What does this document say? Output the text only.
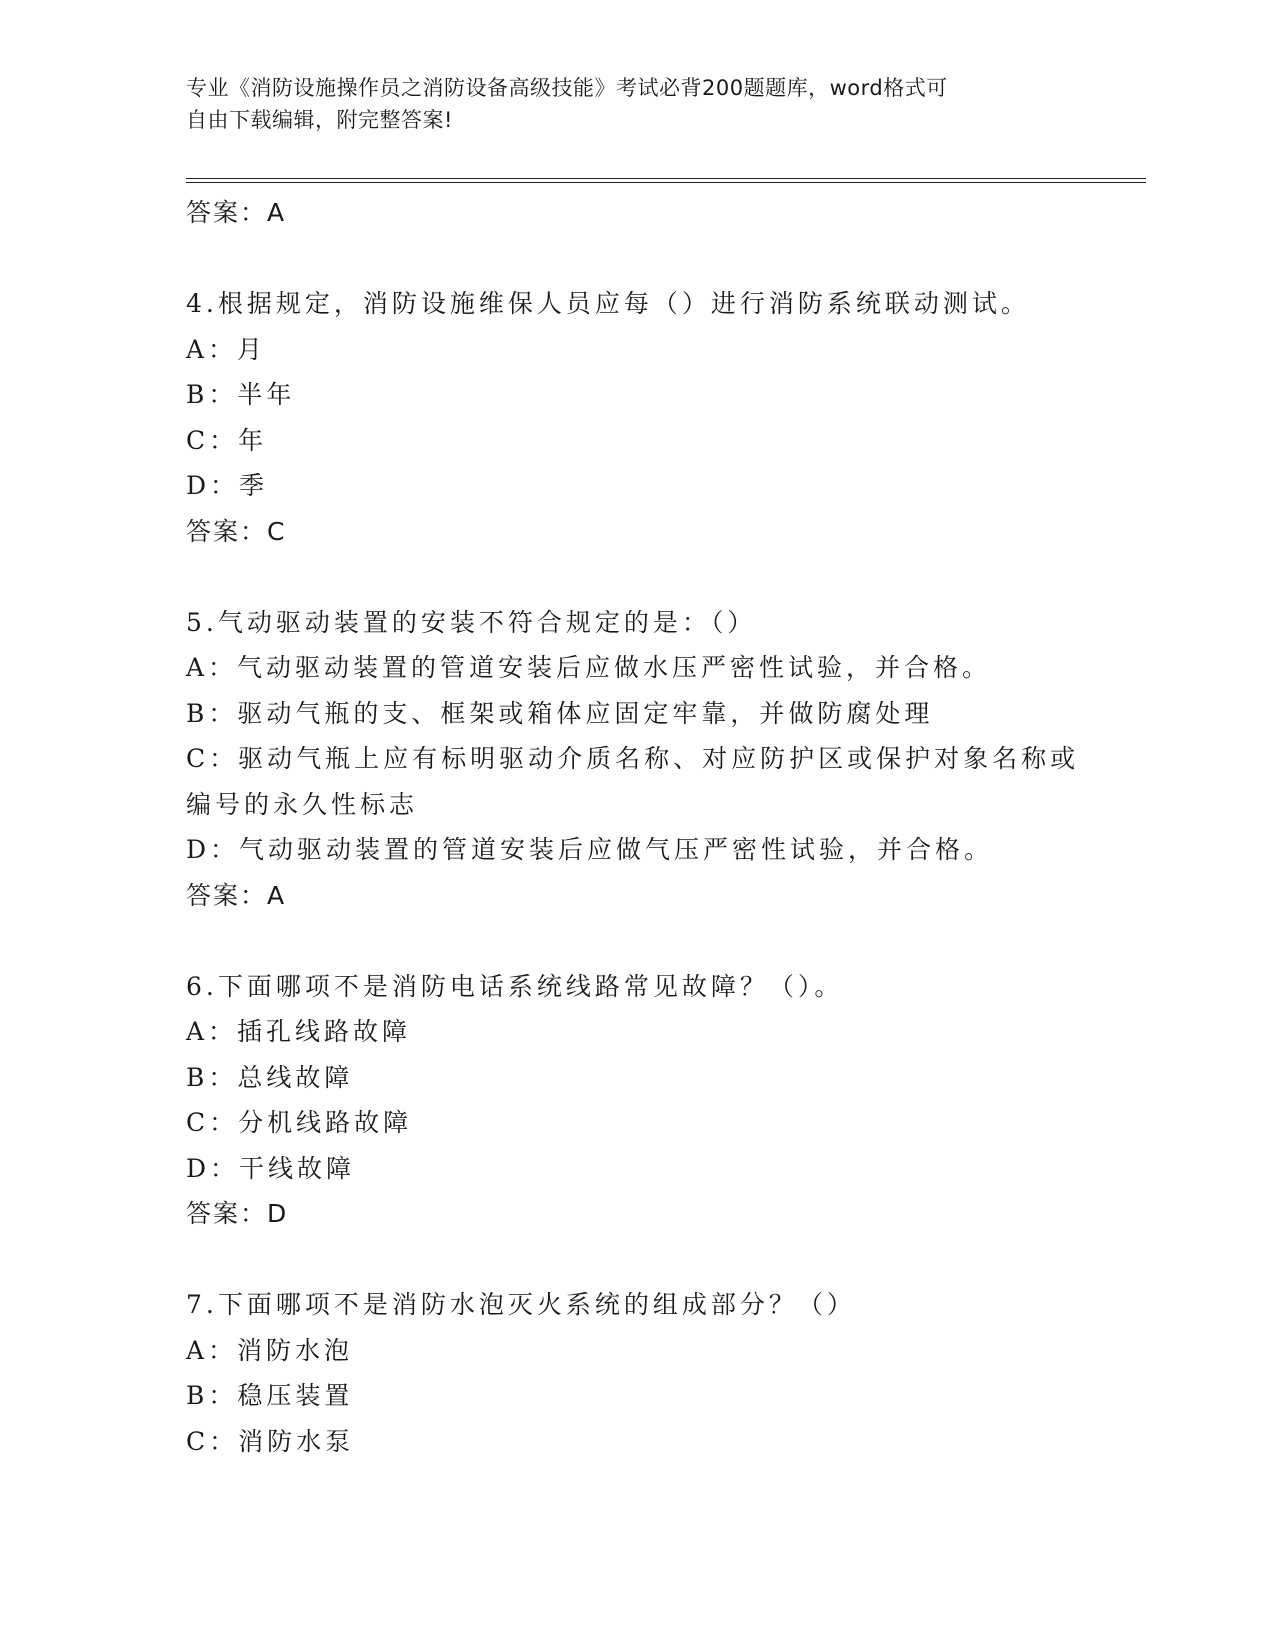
专业《消防设施操作员之消防设备高级技能》考试必背200题题库，word格式可
自由下载编辑，附完整答案!
答案：A
4.根据规定，消防设施维保人员应每（）进行消防系统联动测试。
A：月
B：半年
C：年
D：季
答案：C
5.气动驱动装置的安装不符合规定的是：（）
A：气动驱动装置的管道安装后应做水压严密性试验，并合格。
B：驱动气瓶的支、框架或箱体应固定牢靠，并做防腐处理
C：驱动气瓶上应有标明驱动介质名称、对应防护区或保护对象名称或
编号的永久性标志
D：气动驱动装置的管道安装后应做气压严密性试验，并合格。
答案：A
6.下面哪项不是消防电话系统线路常见故障？（）。
A：插孔线路故障
B：总线故障
C：分机线路故障
D：干线故障
答案：D
7.下面哪项不是消防水泡灭火系统的组成部分？（）
A：消防水泡
B：稳压装置
C：消防水泵
